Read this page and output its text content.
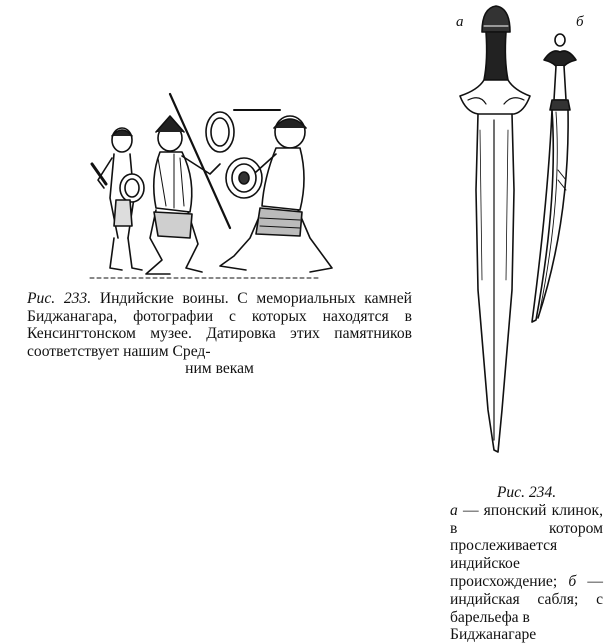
а	б
Рис. 233. Индийские воины. С мемориальных камней Биджанагара, фотографии с которых находятся в Кенсингтонском музее. Датировка этих памятников соответствует нашим Сред-
ним векам
Рис. 234.
а — японский клинок, в котором прослеживается индийское происхождение; б — индийская сабля; с барельефа в
Биджанагаре
